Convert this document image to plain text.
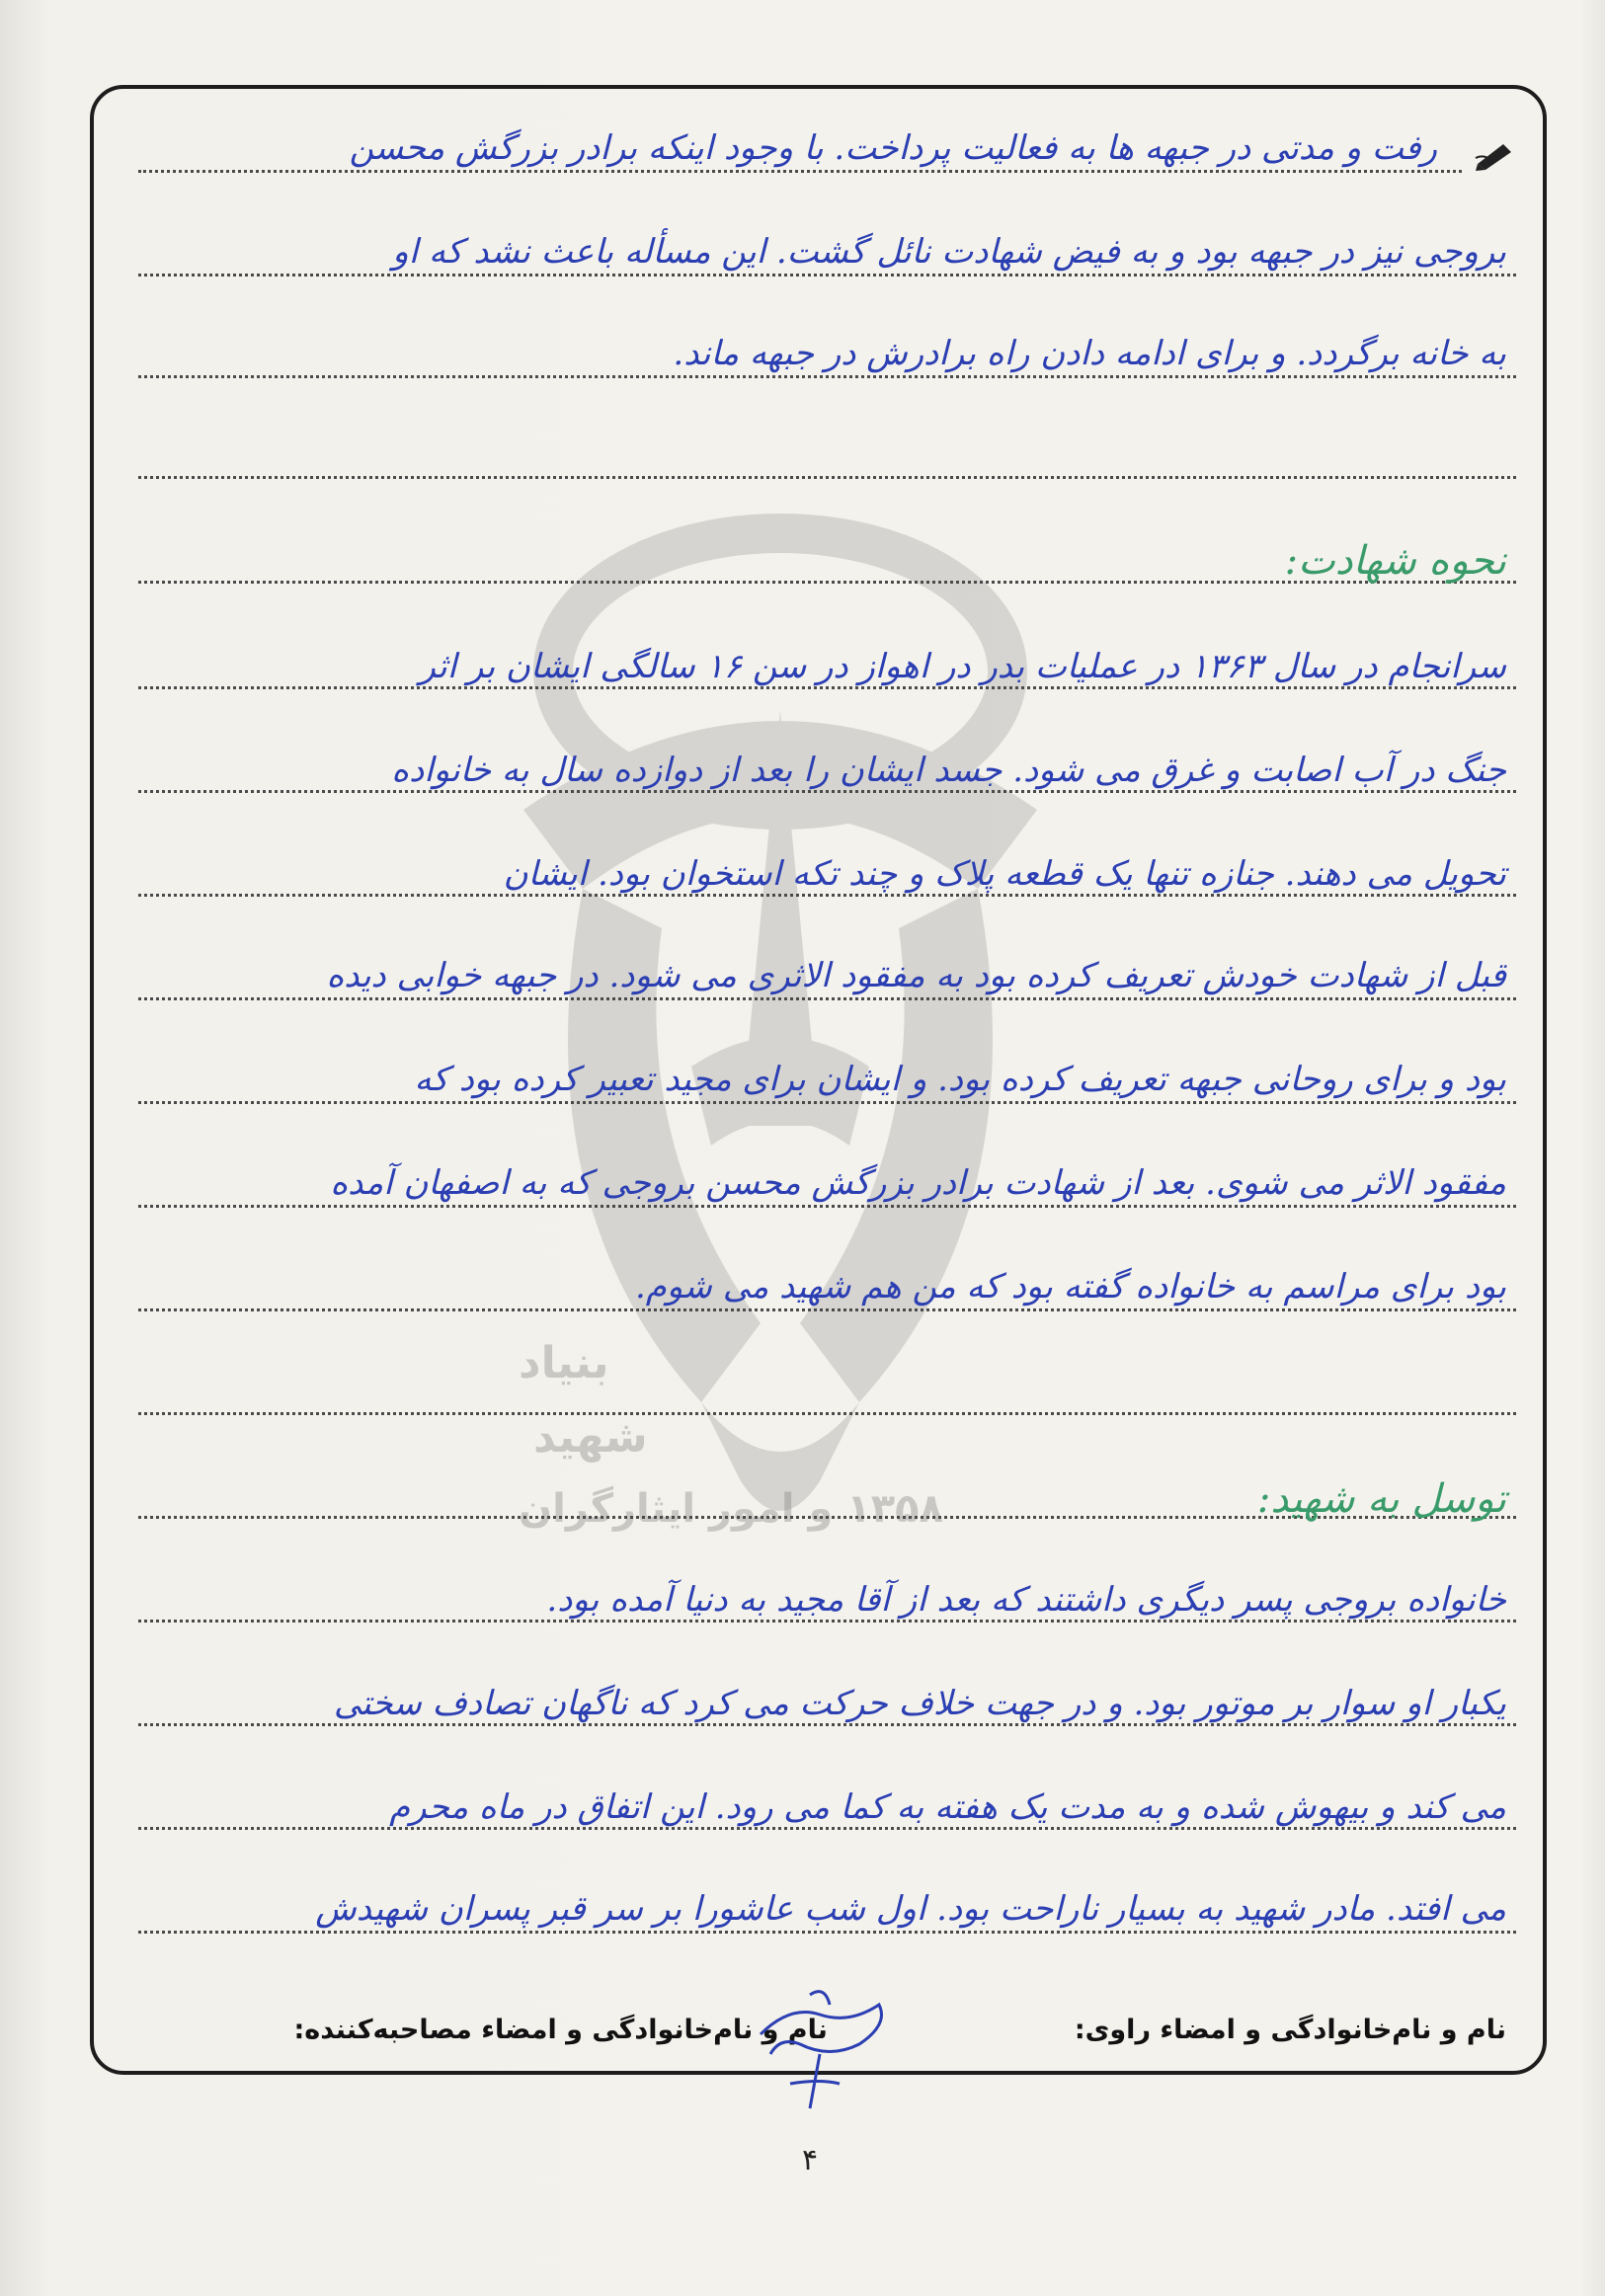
بنیاد
شهید
۱۳۵۸ و امور ایثارگران
رفت و مدتی در جبهه ها به فعالیت پرداخت. با وجود اینکه برادر بزرگش محسن
بروجی نیز در جبهه بود و به فیض شهادت نائل گشت. این مسأله باعث نشد که او
به خانه برگردد. و برای ادامه دادن راه برادرش در جبهه ماند.
نحوه شهادت:
سرانجام در سال ۱۳۶۳ در عملیات بدر در اهواز در سن ۱۶ سالگی ایشان بر اثر
جنگ در آب اصابت و غرق می شود. جسد ایشان را بعد از دوازده سال به خانواده
تحویل می دهند. جنازه تنها یک قطعه پلاک و چند تکه استخوان بود. ایشان
قبل از شهادت خودش تعریف کرده بود به مفقود الاثری می شود. در جبهه خوابی دیده
بود و برای روحانی جبهه تعریف کرده بود. و ایشان برای مجید تعبیر کرده بود که
مفقود الاثر می شوی. بعد از شهادت برادر بزرگش محسن بروجی که به اصفهان آمده
بود برای مراسم به خانواده گفته بود که من هم شهید می شوم.
توسل به شهید:
خانواده بروجی پسر دیگری داشتند که بعد از آقا مجید به دنیا آمده بود.
یکبار او سوار بر موتور بود. و در جهت خلاف حرکت می کرد که ناگهان تصادف سختی
می کند و بیهوش شده و به مدت یک هفته به کما می رود. این اتفاق در ماه محرم
می افتد. مادر شهید به بسیار ناراحت بود. اول شب عاشورا بر سر قبر پسران شهیدش
نام و نام‌خانوادگی و امضاء راوی:نام و نام‌خانوادگی و امضاء مصاحبه‌کننده:
۴
